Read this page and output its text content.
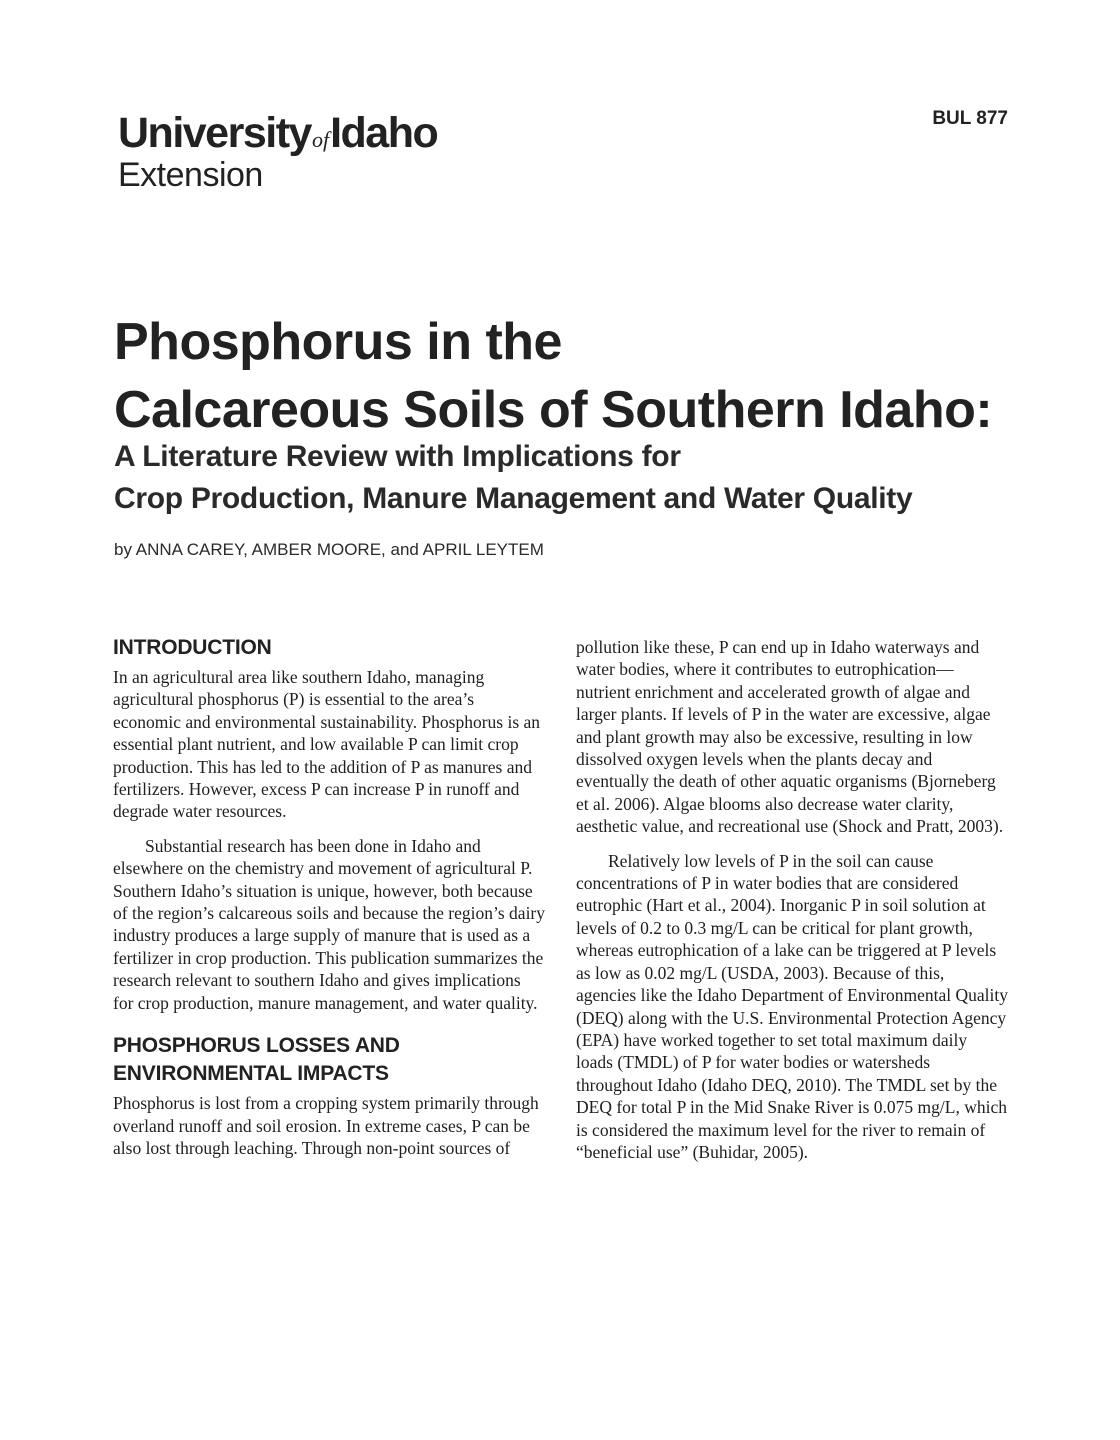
UniversityofIdaho
Extension
BUL 877
Phosphorus in the
Calcareous Soils of Southern Idaho:
A Literature Review with Implications for
Crop Production, Manure Management and Water Quality
by ANNA CAREY, AMBER MOORE, and APRIL LEYTEM
INTRODUCTION

In an agricultural area like southern Idaho, managing agricultural phosphorus (P) is essential to the area’s economic and environmental sustainability. Phosphorus is an essential plant nutrient, and low available P can limit crop production. This has led to the addition of P as manures and fertilizers. However, excess P can increase P in runoff and degrade water resources.

Substantial research has been done in Idaho and elsewhere on the chemistry and movement of agricultural P. Southern Idaho’s situation is unique, however, both because of the region’s calcareous soils and because the region’s dairy industry produces a large supply of manure that is used as a fertilizer in crop production. This publication summarizes the research relevant to southern Idaho and gives implications for crop production, manure management, and water quality.

PHOSPHORUS LOSSES AND ENVIRONMENTAL IMPACTS

Phosphorus is lost from a cropping system primarily through overland runoff and soil erosion. In extreme cases, P can be also lost through leaching. Through non-point sources of

pollution like these, P can end up in Idaho waterways and water bodies, where it contributes to eutrophication—nutrient enrichment and accelerated growth of algae and larger plants. If levels of P in the water are excessive, algae and plant growth may also be excessive, resulting in low dissolved oxygen levels when the plants decay and eventually the death of other aquatic organisms (Bjorneberg et al. 2006). Algae blooms also decrease water clarity, aesthetic value, and recreational use (Shock and Pratt, 2003).

Relatively low levels of P in the soil can cause concentrations of P in water bodies that are considered eutrophic (Hart et al., 2004). Inorganic P in soil solution at levels of 0.2 to 0.3 mg/L can be critical for plant growth, whereas eutrophication of a lake can be triggered at P levels as low as 0.02 mg/L (USDA, 2003). Because of this, agencies like the Idaho Department of Environmental Quality (DEQ) along with the U.S. Environmental Protection Agency (EPA) have worked together to set total maximum daily loads (TMDL) of P for water bodies or watersheds throughout Idaho (Idaho DEQ, 2010). The TMDL set by the DEQ for total P in the Mid Snake River is 0.075 mg/L, which is considered the maximum level for the river to remain of “beneficial use” (Buhidar, 2005).
